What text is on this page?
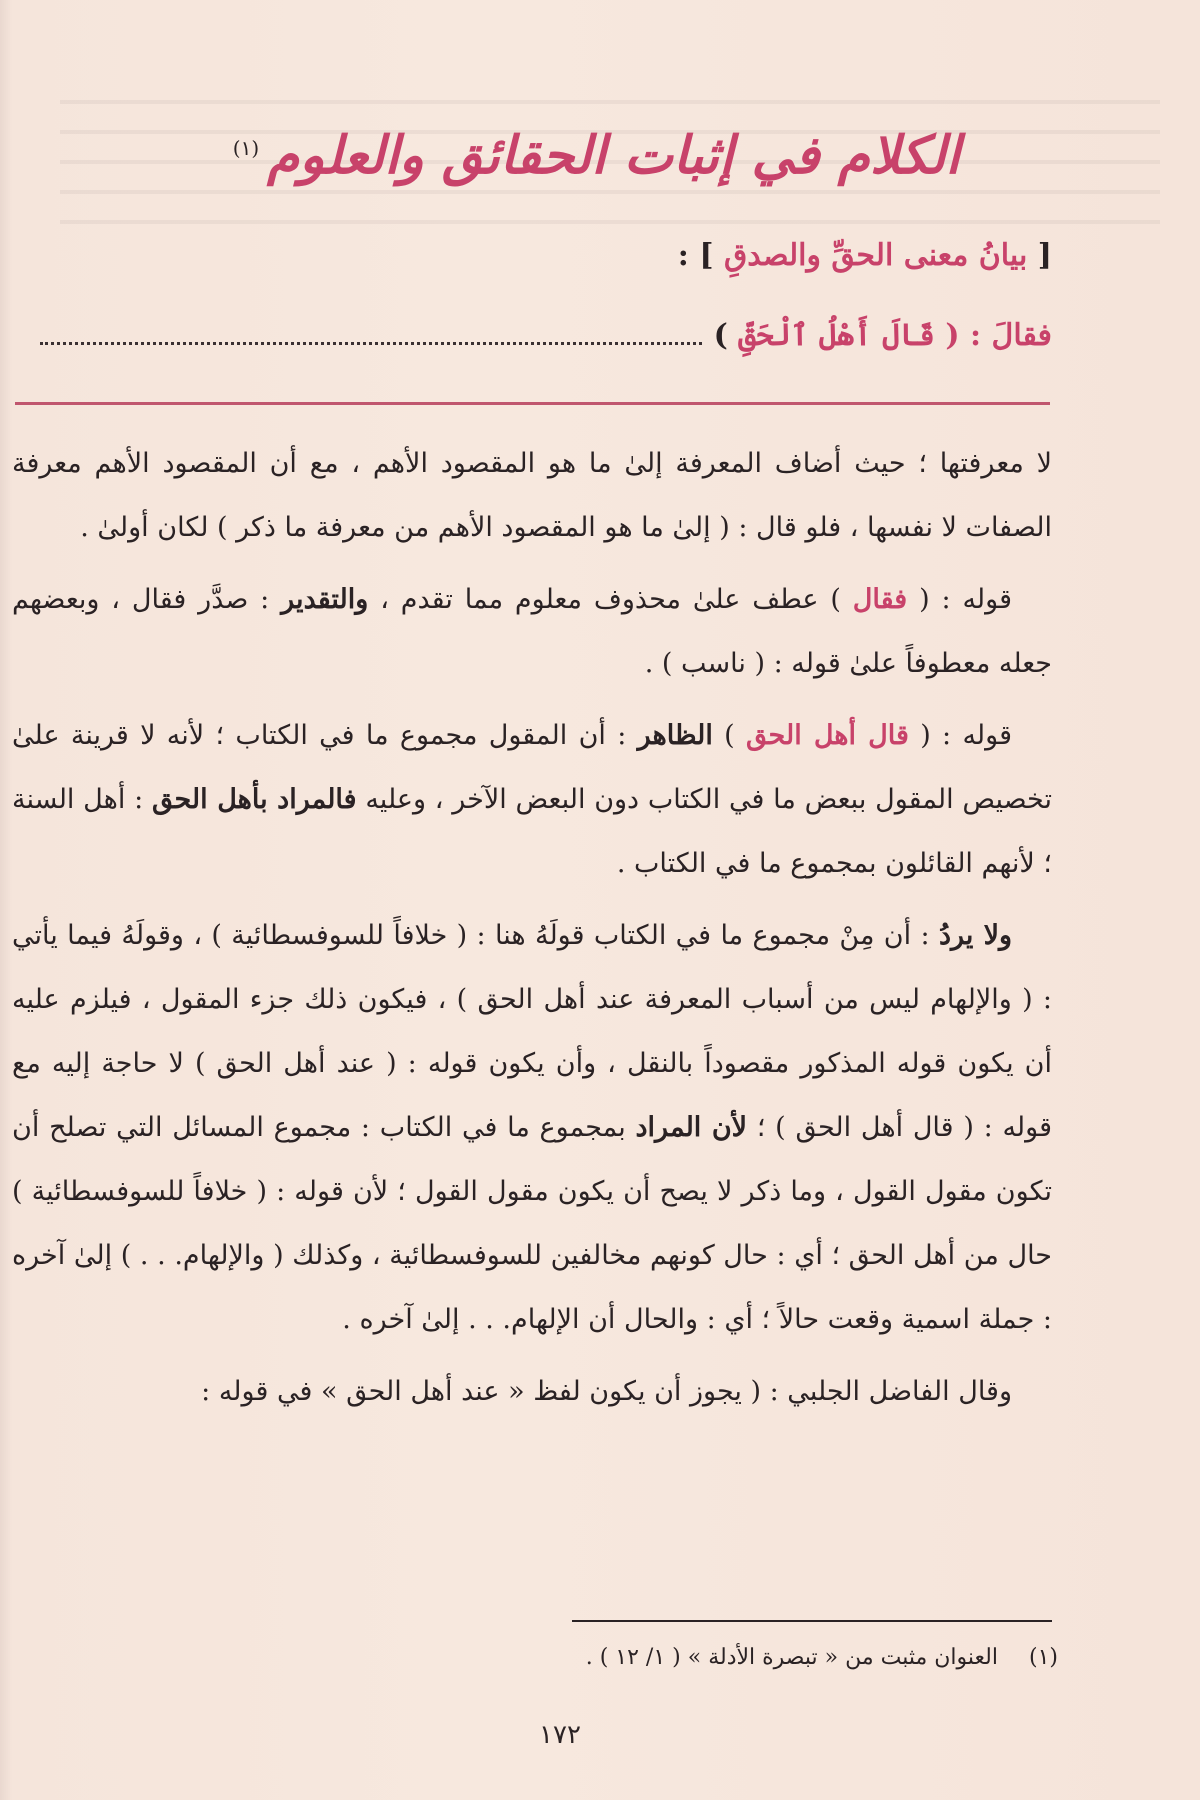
الكلام في إثبات الحقائق والعلوم$^{(١)}$
[ بيانُ معنى الحقِّ والصدقِ ] :
فقالَ : (

قَالَ أَهْلُ ٱلْحَقِّ

)

لا معرفتها ؛ حيث أضاف المعرفة إلىٰ ما هو المقصود الأهم ، مع أن المقصود الأهم معرفة الصفات لا نفسها ، فلو قال : ( إلىٰ ما هو المقصود الأهم من معرفة ما ذكر ) لكان أولىٰ .

قوله : ( فقال ) عطف علىٰ محذوف معلوم مما تقدم ، والتقدير : صدَّر فقال ، وبعضهم جعله معطوفاً علىٰ قوله : ( ناسب ) .

قوله : ( قال أهل الحق ) الظاهر : أن المقول مجموع ما في الكتاب ؛ لأنه لا قرينة علىٰ تخصيص المقول ببعض ما في الكتاب دون البعض الآخر ، وعليه فالمراد بأهل الحق : أهل السنة ؛ لأنهم القائلون بمجموع ما في الكتاب .

ولا يردُ : أن مِنْ مجموع ما في الكتاب قولَهُ هنا : ( خلافاً للسوفسطائية ) ، وقولَهُ فيما يأتي : ( والإلهام ليس من أسباب المعرفة عند أهل الحق ) ، فيكون ذلك جزء المقول ، فيلزم عليه أن يكون قوله المذكور مقصوداً بالنقل ، وأن يكون قوله : ( عند أهل الحق ) لا حاجة إليه مع قوله : ( قال أهل الحق ) ؛ لأن المراد بمجموع ما في الكتاب : مجموع المسائل التي تصلح أن تكون مقول القول ، وما ذكر لا يصح أن يكون مقول القول ؛ لأن قوله : ( خلافاً للسوفسطائية ) حال من أهل الحق ؛ أي : حال كونهم مخالفين للسوفسطائية ، وكذلك ( والإلهام. . . ) إلىٰ آخره : جملة اسمية وقعت حالاً ؛ أي : والحال أن الإلهام. . . إلىٰ آخره .

وقال الفاضل الجلبي : ( يجوز أن يكون لفظ « عند أهل الحق » في قوله :

(١) العنوان مثبت من « تبصرة الأدلة » ( ١/ ١٢ ) .
١٧٢
